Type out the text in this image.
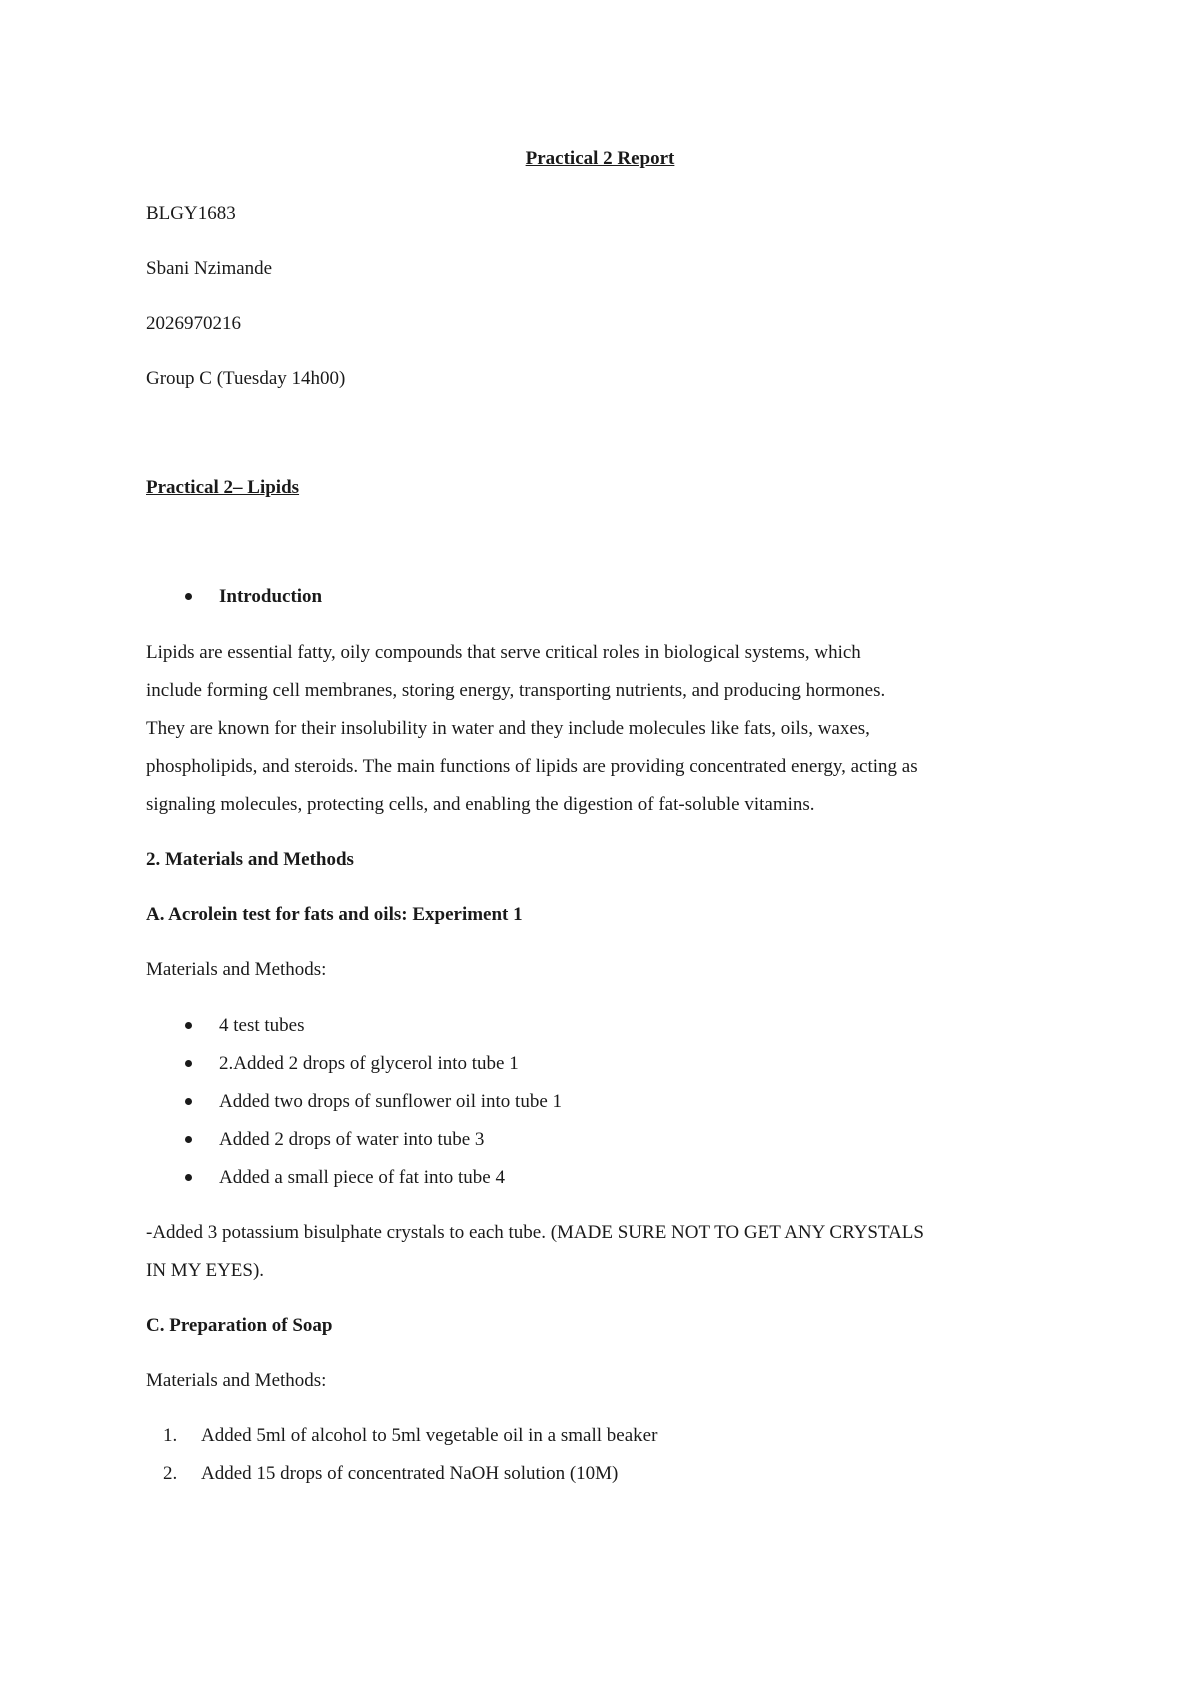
Practical 2 Report
BLGY1683
Sbani Nzimande
2026970216
Group C (Tuesday 14h00)
Practical 2– Lipids
Introduction
Lipids are essential fatty, oily compounds that serve critical roles in biological systems, which
include forming cell membranes, storing energy, transporting nutrients, and producing hormones.
They are known for their insolubility in water and they include molecules like fats, oils, waxes,
phospholipids, and steroids. The main functions of lipids are providing concentrated energy, acting as
signaling molecules, protecting cells, and enabling the digestion of fat-soluble vitamins.
2. Materials and Methods
A. Acrolein test for fats and oils: Experiment 1
Materials and Methods:
4 test tubes
2.Added 2 drops of glycerol into tube 1
Added two drops of sunflower oil into tube 1
Added 2 drops of water into tube 3
Added a small piece of fat into tube 4
-Added 3 potassium bisulphate crystals to each tube. (MADE SURE NOT TO GET ANY CRYSTALS
IN MY EYES).
C. Preparation of Soap
Materials and Methods:
1. Added 5ml of alcohol to 5ml vegetable oil in a small beaker
2. Added 15 drops of concentrated NaOH solution (10M)
